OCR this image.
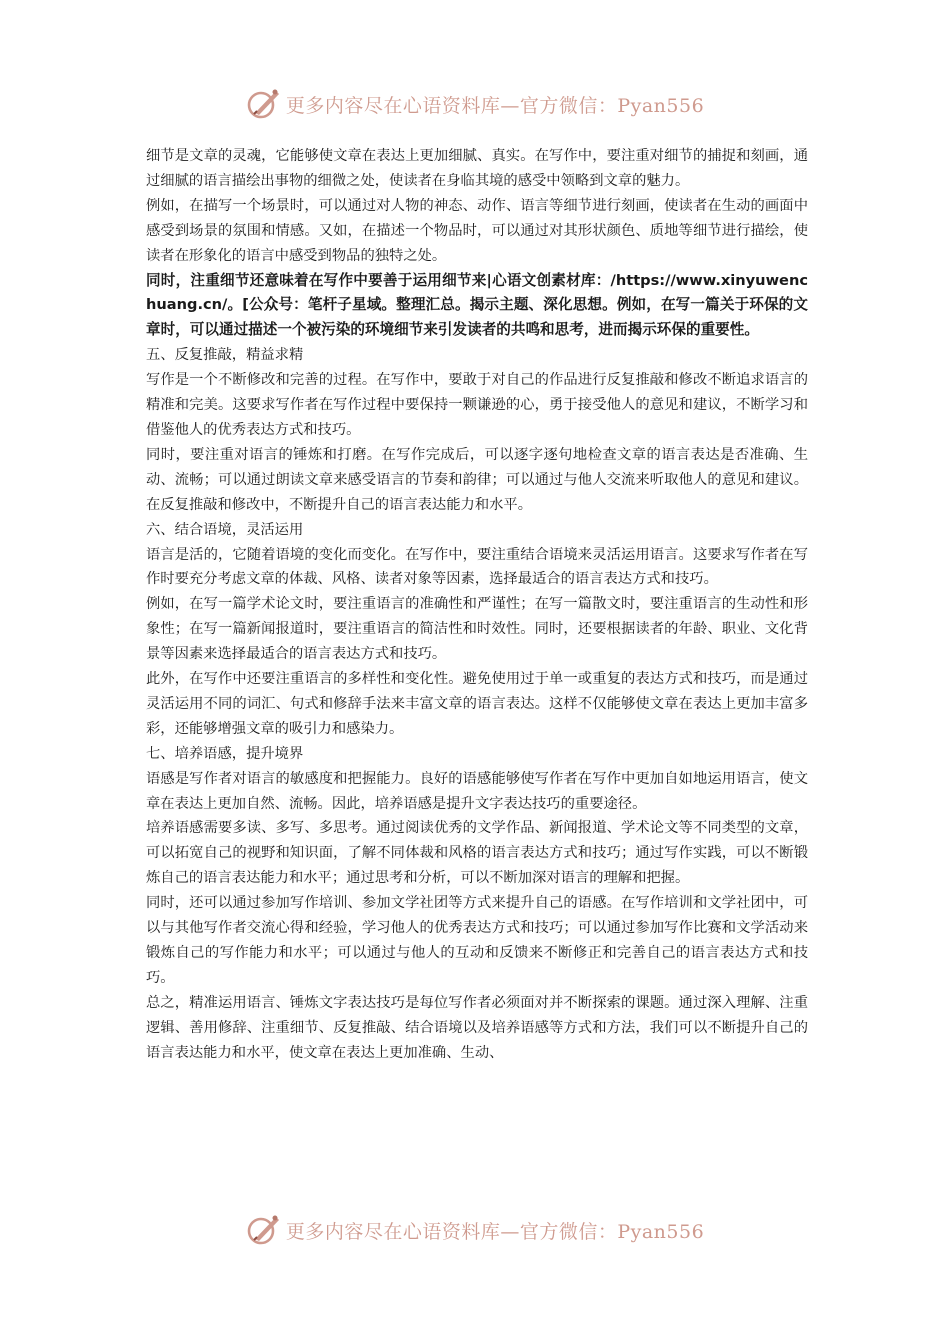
更多内容尽在心语资料库—官方微信：Pyan556

细节是文章的灵魂，它能够使文章在表达上更加细腻、真实。在写作中，要注重对细节的捕捉和刻画，通过细腻的语言描绘出事物的细微之处，使读者在身临其境的感受中领略到文章的魅力。

例如，在描写一个场景时，可以通过对人物的神态、动作、语言等细节进行刻画，使读者在生动的画面中感受到场景的氛围和情感。又如，在描述一个物品时，可以通过对其形状颜色、质地等细节进行描绘，使读者在形象化的语言中感受到物品的独特之处。

同时，注重细节还意味着在写作中要善于运用细节来|心语文创素材库：/https://www.xinyuwenchuang.cn/。[公众号：笔杆子星域。整理汇总。揭示主题、深化思想。例如，在写一篇关于环保的文章时，可以通过描述一个被污染的环境细节来引发读者的共鸣和思考，进而揭示环保的重要性。

五、反复推敲，精益求精

写作是一个不断修改和完善的过程。在写作中，要敢于对自己的作品进行反复推敲和修改不断追求语言的精准和完美。这要求写作者在写作过程中要保持一颗谦逊的心，勇于接受他人的意见和建议，不断学习和借鉴他人的优秀表达方式和技巧。

同时，要注重对语言的锤炼和打磨。在写作完成后，可以逐字逐句地检查文章的语言表达是否准确、生动、流畅；可以通过朗读文章来感受语言的节奏和韵律；可以通过与他人交流来听取他人的意见和建议。在反复推敲和修改中，不断提升自己的语言表达能力和水平。

六、结合语境，灵活运用

语言是活的，它随着语境的变化而变化。在写作中，要注重结合语境来灵活运用语言。这要求写作者在写作时要充分考虑文章的体裁、风格、读者对象等因素，选择最适合的语言表达方式和技巧。

例如，在写一篇学术论文时，要注重语言的准确性和严谨性；在写一篇散文时，要注重语言的生动性和形象性；在写一篇新闻报道时，要注重语言的简洁性和时效性。同时，还要根据读者的年龄、职业、文化背景等因素来选择最适合的语言表达方式和技巧。

此外，在写作中还要注重语言的多样性和变化性。避免使用过于单一或重复的表达方式和技巧，而是通过灵活运用不同的词汇、句式和修辞手法来丰富文章的语言表达。这样不仅能够使文章在表达上更加丰富多彩，还能够增强文章的吸引力和感染力。

七、培养语感，提升境界

语感是写作者对语言的敏感度和把握能力。良好的语感能够使写作者在写作中更加自如地运用语言，使文章在表达上更加自然、流畅。因此，培养语感是提升文字表达技巧的重要途径。

培养语感需要多读、多写、多思考。通过阅读优秀的文学作品、新闻报道、学术论文等不同类型的文章，可以拓宽自己的视野和知识面，了解不同体裁和风格的语言表达方式和技巧；通过写作实践，可以不断锻炼自己的语言表达能力和水平；通过思考和分析，可以不断加深对语言的理解和把握。

同时，还可以通过参加写作培训、参加文学社团等方式来提升自己的语感。在写作培训和文学社团中，可以与其他写作者交流心得和经验，学习他人的优秀表达方式和技巧；可以通过参加写作比赛和文学活动来锻炼自己的写作能力和水平；可以通过与他人的互动和反馈来不断修正和完善自己的语言表达方式和技巧。

总之，精准运用语言、锤炼文字表达技巧是每位写作者必须面对并不断探索的课题。通过深入理解、注重逻辑、善用修辞、注重细节、反复推敲、结合语境以及培养语感等方式和方法，我们可以不断提升自己的语言表达能力和水平，使文章在表达上更加准确、生动、

更多内容尽在心语资料库—官方微信：Pyan556
